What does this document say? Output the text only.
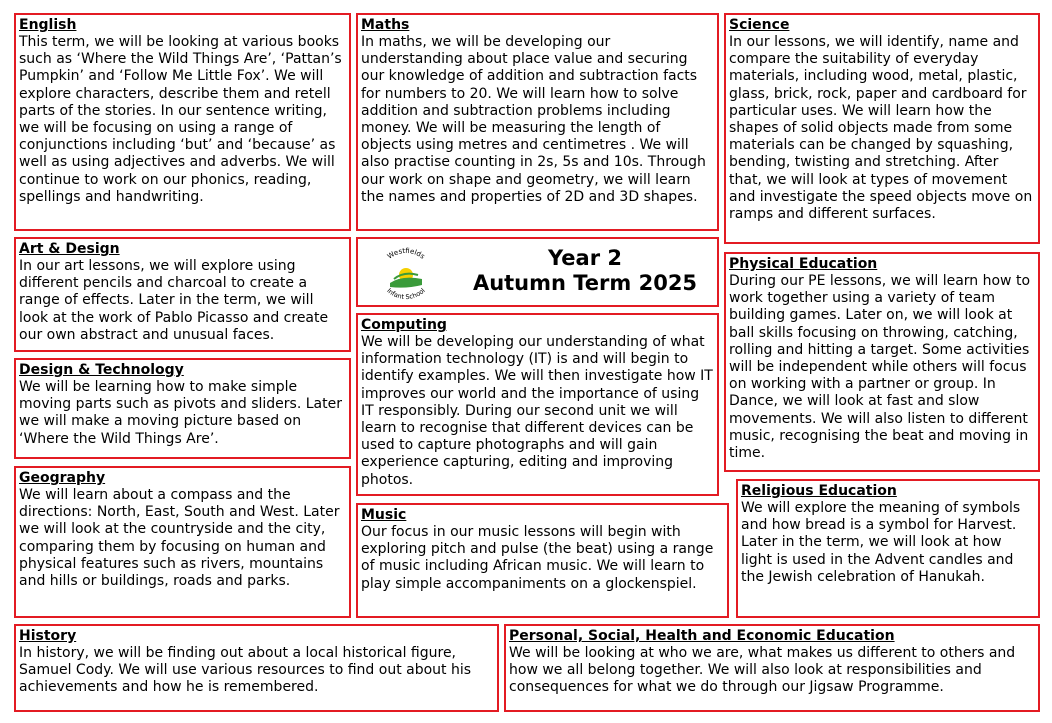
English
This term, we will be looking at various books such as ‘Where the Wild Things Are’, ‘Pattan’s Pumpkin’ and ‘Follow Me Little Fox’. We will explore characters, describe them and retell parts of the stories. In our sentence writing, we will be focusing on using a range of conjunctions including ‘but’ and ‘because’ as well as using adjectives and adverbs. We will continue to work on our phonics, reading, spellings and handwriting.
Maths
In maths, we will be developing our understanding about place value and securing our knowledge of addition and subtraction facts for numbers to 20. We will learn how to solve addition and subtraction problems including money. We will be measuring the length of objects using metres and centimetres . We will also practise counting in 2s, 5s and 10s. Through our work on shape and geometry, we will learn the names and properties of 2D and 3D shapes.
Science
In our lessons, we will identify, name and compare the suitability of everyday materials, including wood, metal, plastic, glass, brick, rock, paper and cardboard for particular uses. We will learn how the shapes of solid objects made from some materials can be changed by squashing, bending, twisting and stretching. After that, we will look at types of movement and investigate the speed objects move on ramps and different surfaces.
Art & Design
In our art lessons, we will explore using different pencils and charcoal to create a range of effects. Later in the term, we will look at the work of Pablo Picasso and create our own abstract and unusual faces.
Westfields
Infant School
Year 2
Autumn Term 2025
Computing
We will be developing our understanding of what information technology (IT) is and will begin to identify examples. We will then investigate how IT improves our world and the importance of using IT responsibly. During our second unit we will learn to recognise that different devices can be used to capture photographs and will gain experience capturing, editing and improving photos.
Physical Education
During our PE lessons, we will learn how to work together using a variety of team building games. Later on, we will look at ball skills focusing on throwing, catching, rolling and hitting a target. Some activities will be independent while others will focus on working with a partner or group. In Dance, we will look at fast and slow movements. We will also listen to different music, recognising the beat and moving in time.
Design & Technology
We will be learning how to make simple moving parts such as pivots and sliders. Later we will make a moving picture based on ‘Where the Wild Things Are’.
Geography
We will learn about a compass and the directions: North, East, South and West. Later we will look at the countryside and the city, comparing them by focusing on human and physical features such as rivers, mountains and hills or buildings, roads and parks.
Music
Our focus in our music lessons will begin with exploring pitch and pulse (the beat) using a range of music including African music. We will learn to play simple accompaniments on a glockenspiel.
Religious Education
We will explore the meaning of symbols and how bread is a symbol for Harvest. Later in the term, we will look at how light is used in the Advent candles and the Jewish celebration of Hanukah.
History
In history, we will be finding out about a local historical figure, Samuel Cody. We will use various resources to find out about his achievements and how he is remembered.
Personal, Social, Health and Economic Education
We will be looking at who we are, what makes us different to others and how we all belong together. We will also look at responsibilities and consequences for what we do through our Jigsaw Programme.
